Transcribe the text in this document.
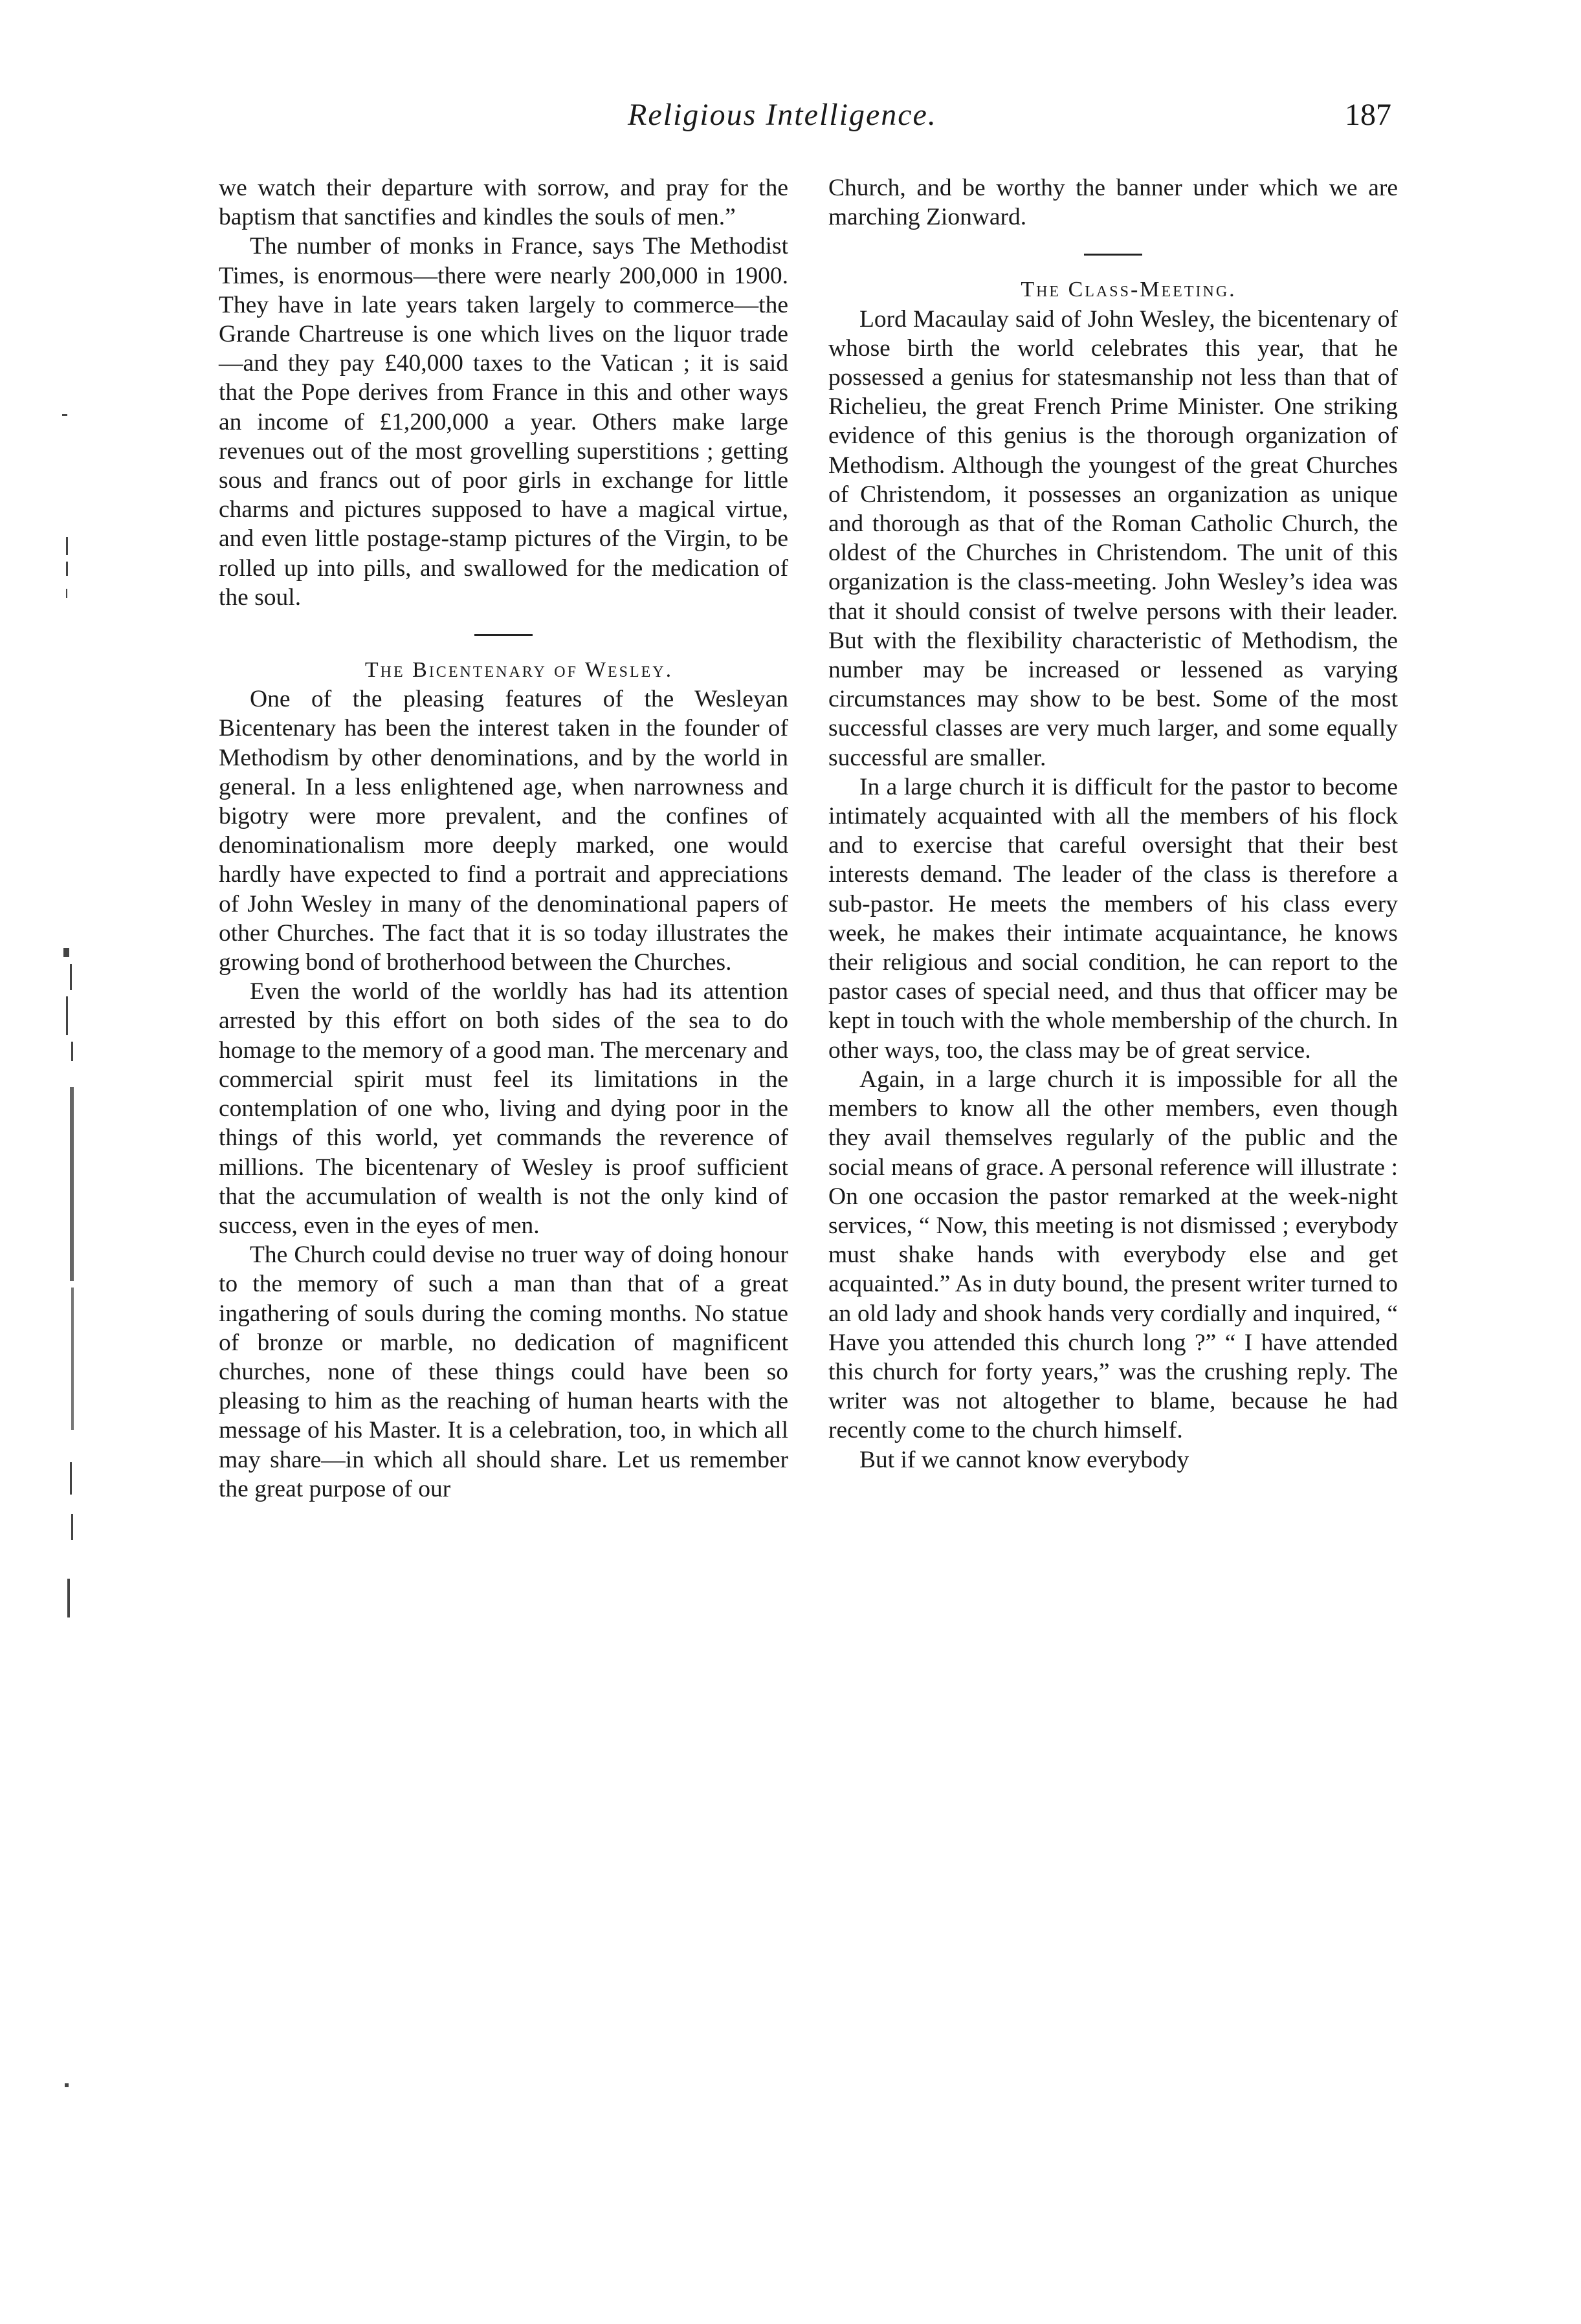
Religious Intelligence.	187

we watch their departure with sorrow, and pray for the baptism that sanctifies and kindles the souls of men.”

The number of monks in France, says The Methodist Times, is enormous—there were nearly 200,000 in 1900. They have in late years taken largely to commerce—the Grande Chartreuse is one which lives on the liquor trade—and they pay £40,000 taxes to the Vatican ; it is said that the Pope derives from France in this and other ways an income of £1,200,000 a year. Others make large revenues out of the most grovelling superstitions ; getting sous and francs out of poor girls in exchange for little charms and pictures supposed to have a magical virtue, and even little postage-stamp pictures of the Virgin, to be rolled up into pills, and swallowed for the medication of the soul.

The Bicentenary of Wesley.

One of the pleasing features of the Wesleyan Bicentenary has been the interest taken in the founder of Methodism by other denominations, and by the world in general. In a less enlightened age, when narrowness and bigotry were more prevalent, and the confines of denominationalism more deeply marked, one would hardly have expected to find a portrait and appreciations of John Wesley in many of the denominational papers of other Churches. The fact that it is so today illustrates the growing bond of brotherhood between the Churches.

Even the world of the worldly has had its attention arrested by this effort on both sides of the sea to do homage to the memory of a good man. The mercenary and commercial spirit must feel its limitations in the contemplation of one who, living and dying poor in the things of this world, yet commands the reverence of millions. The bicentenary of Wesley is proof sufficient that the accumulation of wealth is not the only kind of success, even in the eyes of men.

The Church could devise no truer way of doing honour to the memory of such a man than that of a great ingathering of souls during the coming months. No statue of bronze or marble, no dedication of magnificent churches, none of these things could have been so pleasing to him as the reaching of human hearts with the message of his Master. It is a celebration, too, in which all may share—in which all should share. Let us remember the great purpose of our

Church, and be worthy the banner under which we are marching Zionward.

The Class-Meeting.

Lord Macaulay said of John Wesley, the bicentenary of whose birth the world celebrates this year, that he possessed a genius for statesmanship not less than that of Richelieu, the great French Prime Minister. One striking evidence of this genius is the thorough organization of Methodism. Although the youngest of the great Churches of Christendom, it possesses an organization as unique and thorough as that of the Roman Catholic Church, the oldest of the Churches in Christendom. The unit of this organization is the class-meeting. John Wesley’s idea was that it should consist of twelve persons with their leader. But with the flexibility characteristic of Methodism, the number may be increased or lessened as varying circumstances may show to be best. Some of the most successful classes are very much larger, and some equally successful are smaller.

In a large church it is difficult for the pastor to become intimately acquainted with all the members of his flock and to exercise that careful oversight that their best interests demand. The leader of the class is therefore a sub-pastor. He meets the members of his class every week, he makes their intimate acquaintance, he knows their religious and social condition, he can report to the pastor cases of special need, and thus that officer may be kept in touch with the whole membership of the church. In other ways, too, the class may be of great service.

Again, in a large church it is impossible for all the members to know all the other members, even though they avail themselves regularly of the public and the social means of grace. A personal reference will illustrate : On one occasion the pastor remarked at the week-night services, “ Now, this meeting is not dismissed ; everybody must shake hands with everybody else and get acquainted.” As in duty bound, the present writer turned to an old lady and shook hands very cordially and inquired, “ Have you attended this church long ?” “ I have attended this church for forty years,” was the crushing reply. The writer was not altogether to blame, because he had recently come to the church himself.

But if we cannot know everybody
